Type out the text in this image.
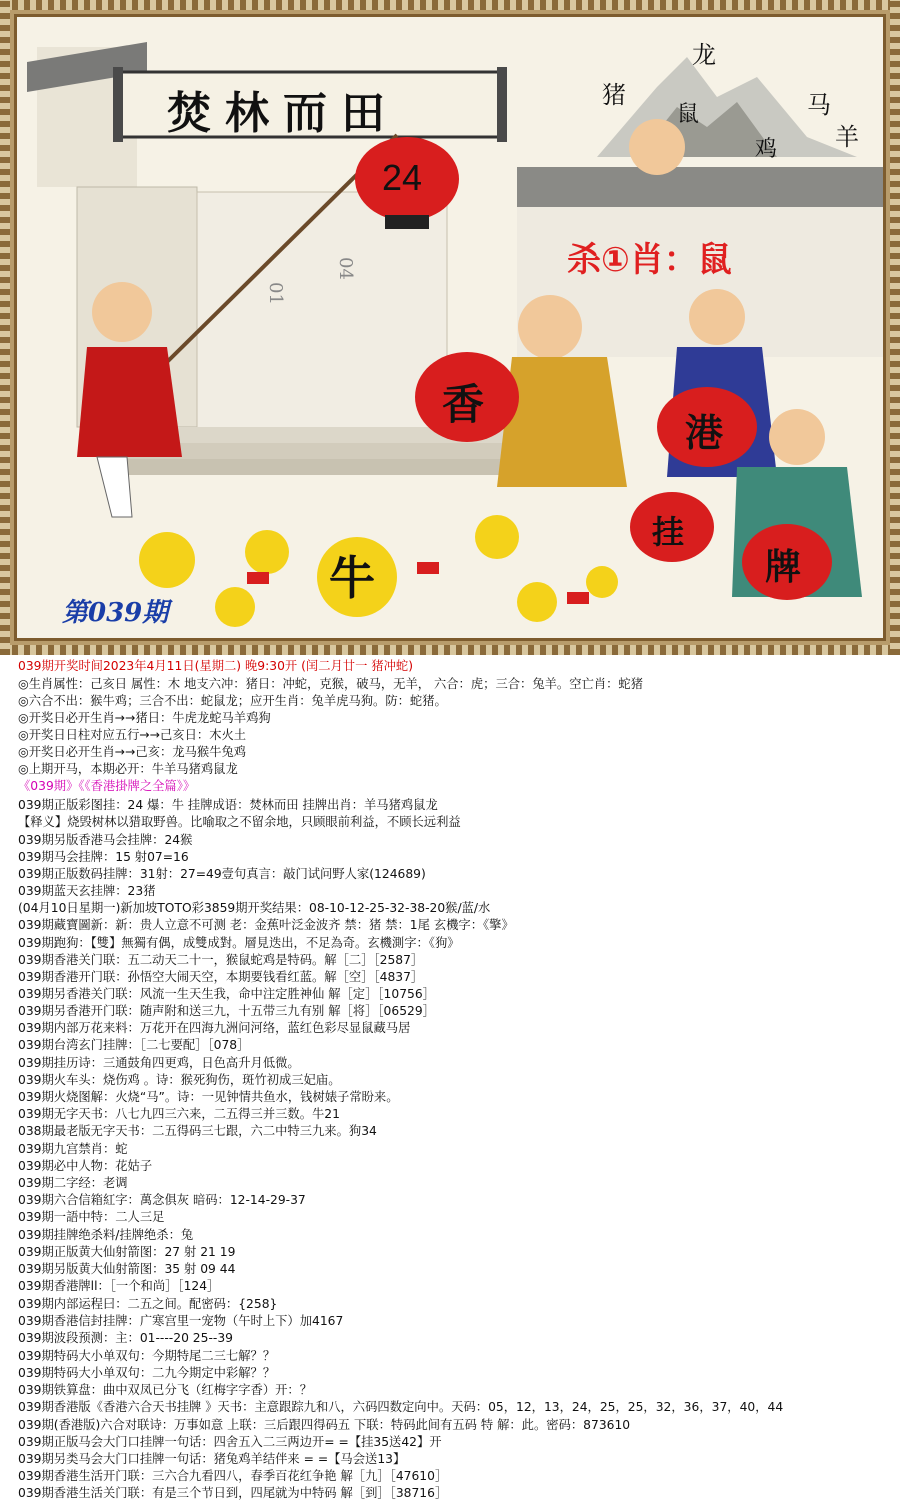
焚林而田
24
龙
猪
鼠	马
羊
鸡
杀①肖：鼠
01
04
香
港
挂
牌
牛
第039期
039期开奖时间2023年4月11日(星期二) 晚9:30开 (闰二月廿一 猪冲蛇)
◎生肖属性：己亥日 属性：木 地支六冲：猪日：冲蛇，克猴，破马，无羊， 六合：虎；三合：兔羊。空亡肖：蛇猪
◎六合不出：猴牛鸡；三合不出：蛇鼠龙；应开生肖：兔羊虎马狗。防：蛇猪。
◎开奖日必开生肖→→猪日：牛虎龙蛇马羊鸡狗
◎开奖日日柱对应五行→→己亥日：木火土
◎开奖日必开生肖→→己亥：龙马猴牛兔鸡
◎上期开马，本期必开：牛羊马猪鸡鼠龙
《039期》《《香港掛牌之全篇》》
039期正版彩图挂：24 爆：牛 挂牌成语：焚林而田 挂牌出肖：羊马猪鸡鼠龙
【释义】烧毁树林以猎取野兽。比喻取之不留余地，只顾眼前利益，不顾长远利益
039期另版香港马会挂牌：24猴
039期马会挂牌：15 射07=16
039期正版数码挂牌：31射：27=49壹句真言：敲门试问野人家(124689)
039期蓝天玄挂牌：23猪
(04月10日星期一)新加坡TOTO彩3859期开奖结果：08-10-12-25-32-38-20猴/蓝/水
039期藏寶圖新：新：贵人立意不可测 老：金蕉叶泛金波齐 禁：猪 禁：1尾 玄機字：《擎》
039期跑狗：【雙】無獨有偶，成雙成對。層見迭出，不足為奇。玄機測字：《狗》
039期香港关门联：五二动天二十一，猴鼠蛇鸡是特码。解［二］［2587］
039期香港开门联：孙悟空大闹天空，本期要钱看红蓝。解［空］［4837］
039期另香港关门联：风流一生天生我，命中注定胜神仙 解［定］［10756］
039期另香港开门联：随声附和送三九，十五带三九有别 解［将］［06529］
039期内部万花来料：万花开在四海九洲问河络，蓝红色彩尽显鼠藏马居
039期台湾玄门挂牌：［二七要配］［078］
039期挂历诗：三通鼓角四更鸡，日色高升月低微。
039期火车头：烧伤鸡 。诗：猴死狗伤，斑竹初成三妃庙。
039期火烧图解：火烧“马”。诗：一见钟情共鱼水，钱树婊子常盼来。
039期无字天书：八七九四三六来，二五得三并三数。牛21
038期最老版无字天书：二五得码三七跟，六二中特三九来。狗34
039期九宫禁肖：蛇
039期必中人物：花姑子
039期二字经：老调
039期六合信箱紅字：萬念俱灰 暗码：12-14-29-37
039期一語中特：二人三足
039期挂牌绝杀料/挂牌绝杀：兔
039期正版黄大仙射箭图：27 射 21 19
039期另版黄大仙射箭图：35 射 09 44
039期香港牌ll：［一个和尚］［124］
039期内部运程曰：二五之间。配密码：{258}
039期香港信封挂牌：广寒宫里一宠物（午时上下）加4167
039期波段预测：主：01----20 25--39
039期特码大小单双句：今期特尾二三七解？？
039期特码大小单双句：二九今期定中彩解？？
039期铁算盘：曲中双凤已分飞（红梅字字香）开：？
039期香港版《香港六合天书挂牌 》天书：主意跟踪九和八，六码四数定向中。天码：05，12，13，24，25，25，32，36，37，40，44
039期(香港版)六合对联诗：万事如意 上联：三后跟四得码五 下联：特码此间有五码 特 解：此。密码：873610
039期正版马会大门口挂牌一句话：四舍五入二三两边开= =【挂35送42】开
039期另类马会大门口挂牌一句话：猪兔鸡羊结伴来 = =【马会送13】
039期香港生活开门联：三六合九看四八，春季百花红争艳 解［九］［47610］
039期香港生活关门联：有是三个节日到，四尾就为中特码 解［到］［38716］
